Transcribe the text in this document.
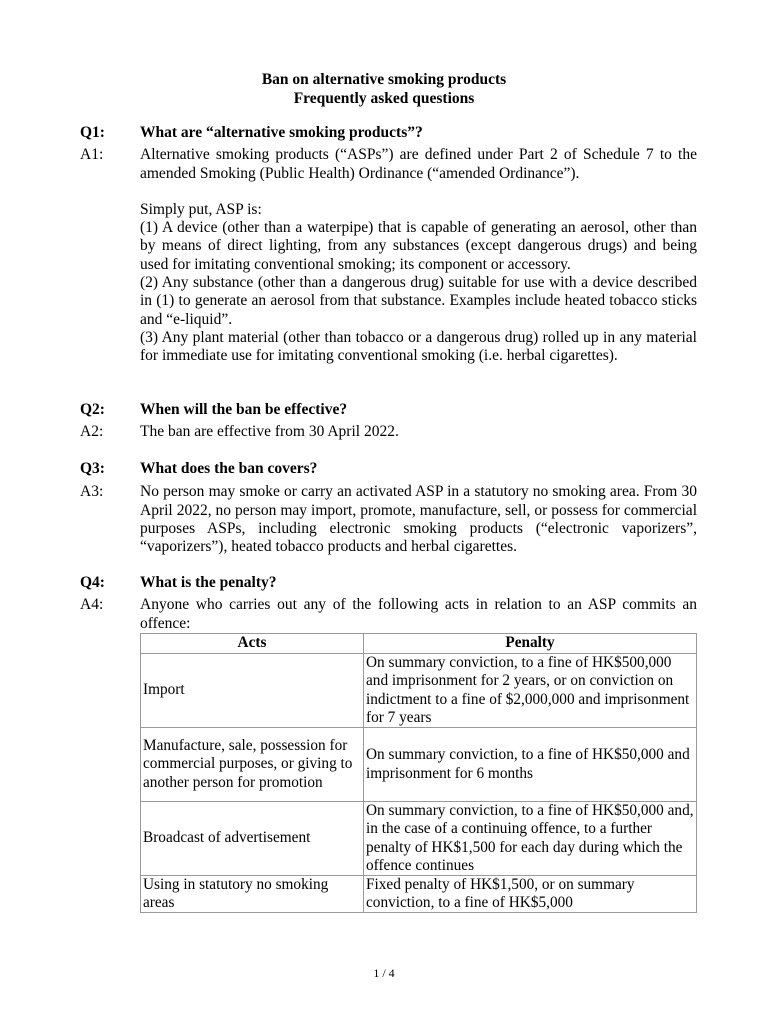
Ban on alternative smoking products
Frequently asked questions
Q1:	What are “alternative smoking products”?
A1:	Alternative smoking products (“ASPs”) are defined under Part 2 of Schedule 7 to the amended Smoking (Public Health) Ordinance (“amended Ordinance”).

Simply put, ASP is:

(1) A device (other than a waterpipe) that is capable of generating an aerosol, other than by means of direct lighting, from any substances (except dangerous drugs) and being used for imitating conventional smoking; its component or accessory.

(2) Any substance (other than a dangerous drug) suitable for use with a device described in (1) to generate an aerosol from that substance. Examples include heated tobacco sticks and “e-liquid”.

(3) Any plant material (other than tobacco or a dangerous drug) rolled up in any material for immediate use for imitating conventional smoking (i.e. herbal cigarettes).

Q2:	When will the ban be effective?
A2:	The ban are effective from 30 April 2022.
Q3:	What does the ban covers?
A3:	No person may smoke or carry an activated ASP in a statutory no smoking area. From 30 April 2022, no person may import, promote, manufacture, sell, or possess for commercial purposes ASPs, including electronic smoking products (“electronic vaporizers”, “vaporizers”), heated tobacco products and herbal cigarettes.
Q4:	What is the penalty?
A4:	Anyone who carries out any of the following acts in relation to an ASP commits an offence:
Acts	Penalty
Import	On summary conviction, to a fine of HK$500,000 and imprisonment for 2 years, or on conviction on indictment to a fine of $2,000,000 and imprisonment for 7 years
Manufacture, sale, possession for commercial purposes, or giving to another person for promotion	On summary conviction, to a fine of HK$50,000 and imprisonment for 6 months
Broadcast of advertisement	On summary conviction, to a fine of HK$50,000 and, in the case of a continuing offence, to a further penalty of HK$1,500 for each day during which the offence continues
Using in statutory no smoking areas	Fixed penalty of HK$1,500, or on summary conviction, to a fine of HK$5,000
1 / 4
